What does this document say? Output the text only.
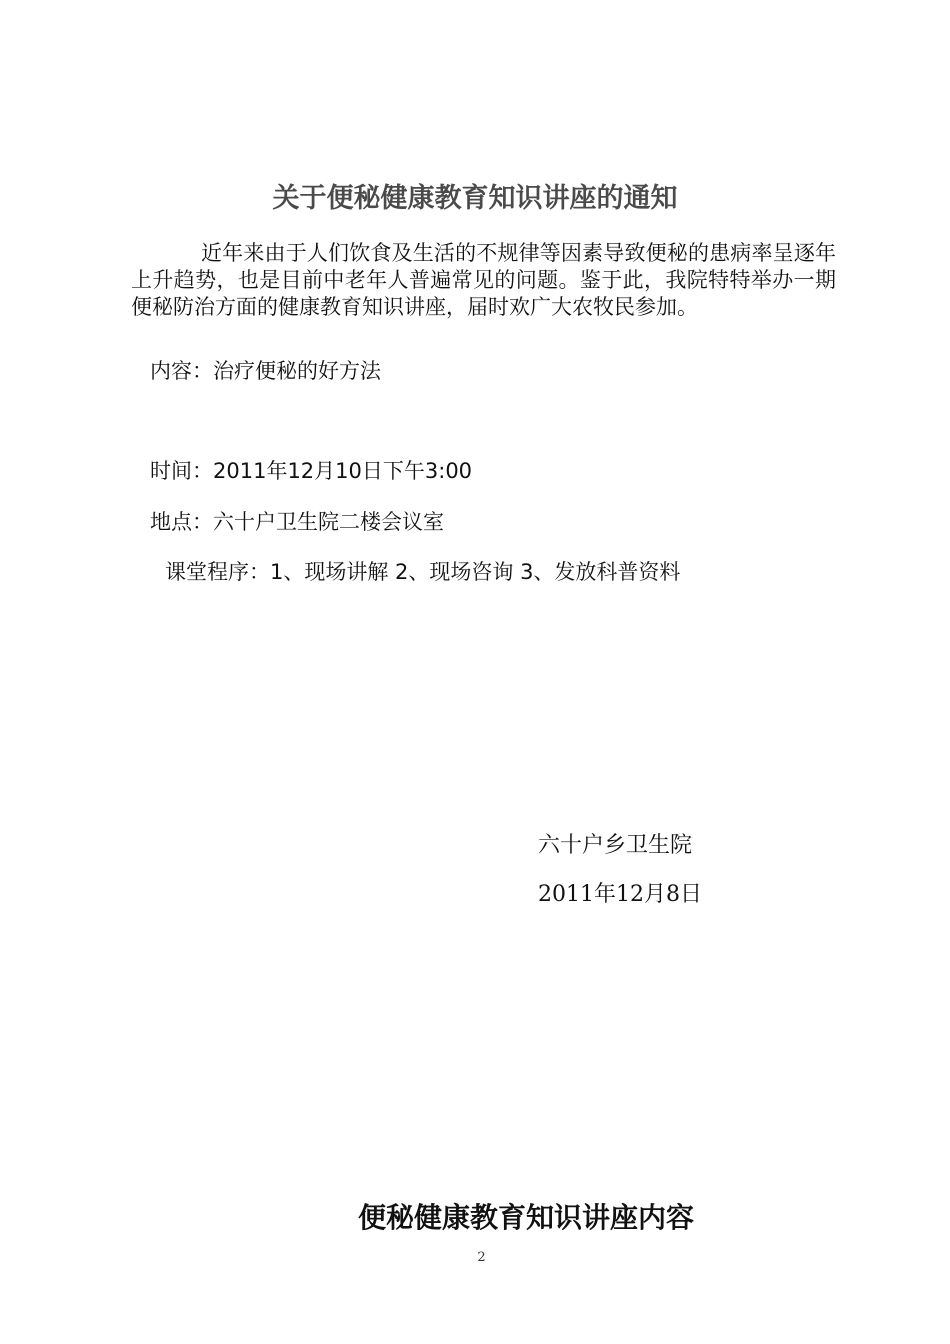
关于便秘健康教育知识讲座的通知

近年来由于人们饮食及生活的不规律等因素导致便秘的患病率呈逐年上升趋势，也是目前中老年人普遍常见的问题。鉴于此，我院特特举办一期便秘防治方面的健康教育知识讲座，届时欢广大农牧民参加。

内容：治疗便秘的好方法

时间：2011年12月10日下午3:00

地点：六十户卫生院二楼会议室

课堂程序：1、现场讲解 2、现场咨询 3、发放科普资料

六十户乡卫生院

2011年12月8日

便秘健康教育知识讲座内容
2
